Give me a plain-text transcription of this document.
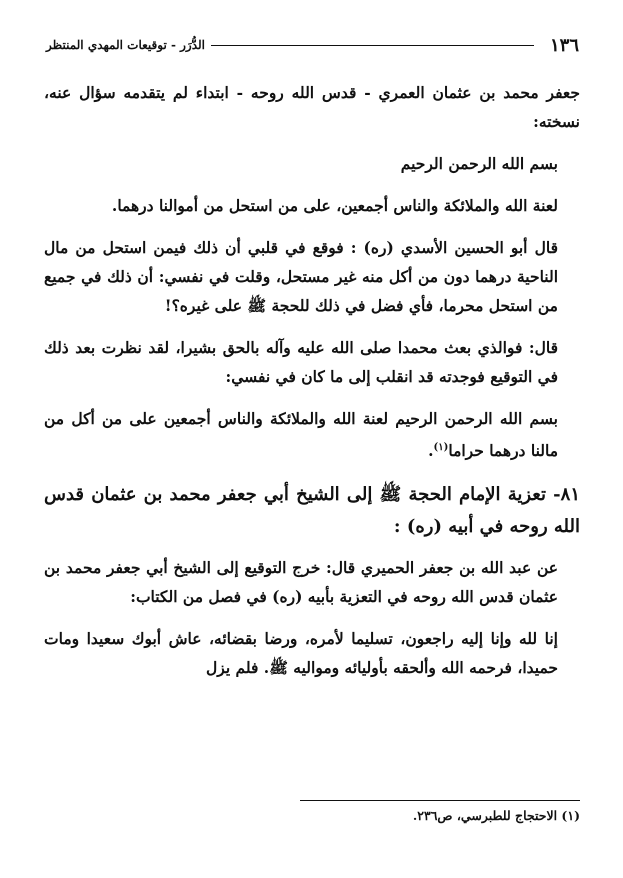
١٣٦
الدُّرَر - توقيعات المهدي المنتظر

جعفر محمد بن عثمان العمري - قدس الله روحه - ابتداء لم يتقدمه سؤال عنه، نسخته:

بسم الله الرحمن الرحيم

لعنة الله والملائكة والناس أجمعين، على من استحل من أموالنا درهما.

قال أبو الحسين الأسدي (ره) : فوقع في قلبي أن ذلك فيمن استحل من مال الناحية درهما دون من أكل منه غير مستحل، وقلت في نفسي: أن ذلك في جميع من استحل محرما، فأي فضل في ذلك للحجة ﷺ على غيره؟!

قال: فوالذي بعث محمدا صلى الله عليه وآله بالحق بشيرا، لقد نظرت بعد ذلك في التوقيع فوجدته قد انقلب إلى ما كان في نفسي:

بسم الله الرحمن الرحيم لعنة الله والملائكة والناس أجمعين على من أكل من مالنا درهما حراما$^{(١)}$.

٨١- تعزية الإمام الحجة ﷺ إلى الشيخ أبي جعفر محمد بن عثمان قدس الله روحه في أبيه (ره) :

عن عبد الله بن جعفر الحميري قال: خرج التوقيع إلى الشيخ أبي جعفر محمد بن عثمان قدس الله روحه في التعزية بأبيه (ره) في فصل من الكتاب:

إنا لله وإنا إليه راجعون، تسليما لأمره، ورضا بقضائه، عاش أبوك سعيدا ومات حميدا، فرحمه الله وألحقه بأوليائه ومواليه ﷺ. فلم يزل

(١) الاحتجاج للطبرسي، ص٢٣٦.
